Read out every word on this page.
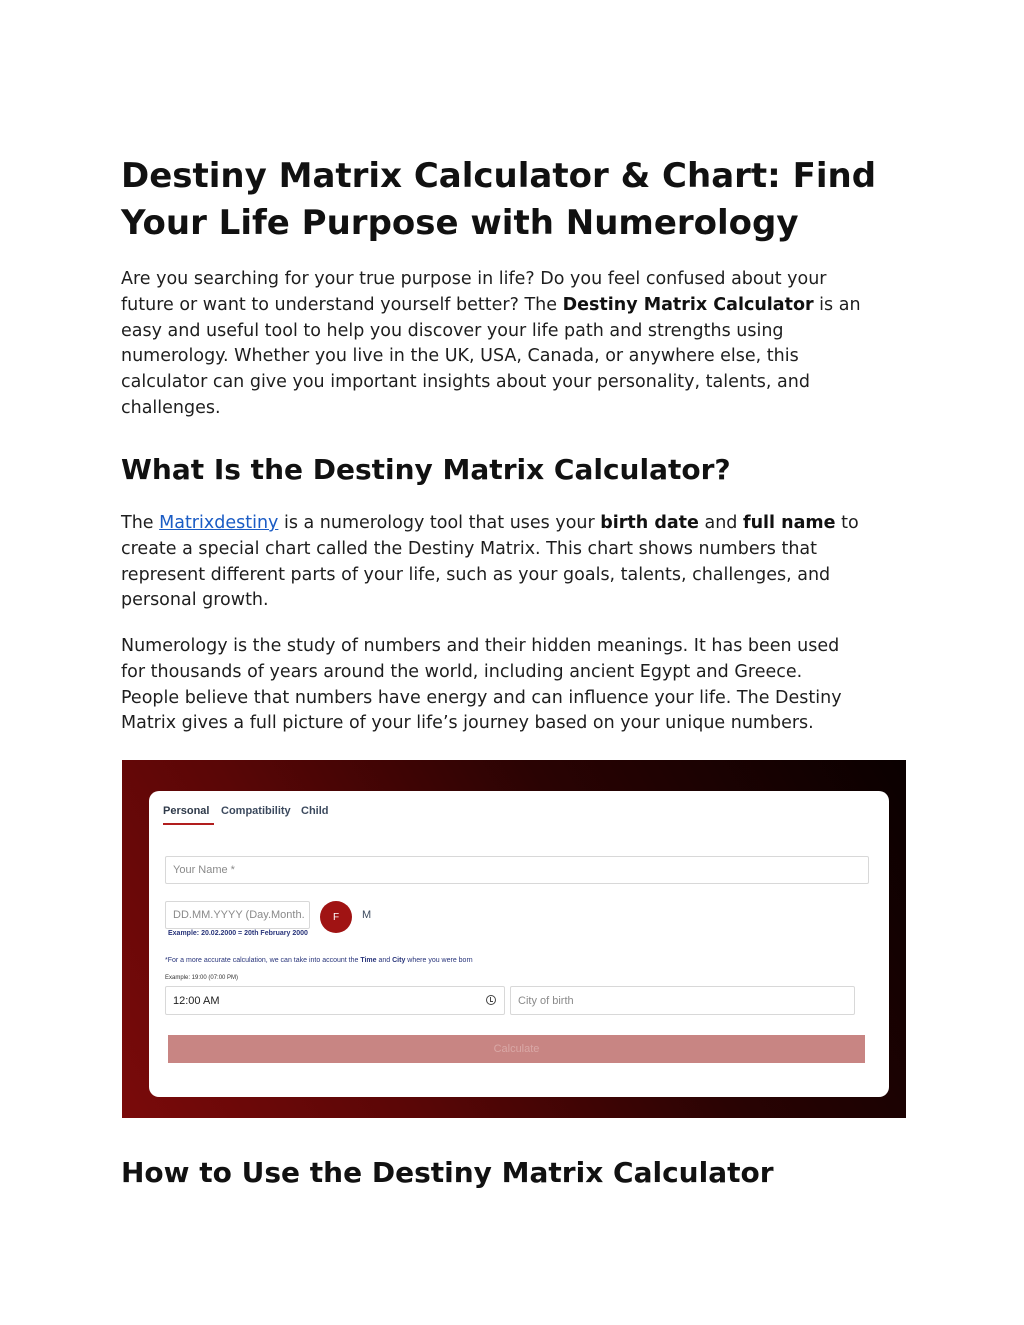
Destiny Matrix Calculator & Chart: Find
Your Life Purpose with Numerology

Are you searching for your true purpose in life? Do you feel confused about your
future or want to understand yourself better? The Destiny Matrix Calculator is an
easy and useful tool to help you discover your life path and strengths using
numerology. Whether you live in the UK, USA, Canada, or anywhere else, this
calculator can give you important insights about your personality, talents, and
challenges.

What Is the Destiny Matrix Calculator?

The Matrixdestiny is a numerology tool that uses your birth date and full name to
create a special chart called the Destiny Matrix. This chart shows numbers that
represent different parts of your life, such as your goals, talents, challenges, and
personal growth.

Numerology is the study of numbers and their hidden meanings. It has been used
for thousands of years around the world, including ancient Egypt and Greece.
People believe that numbers have energy and can influence your life. The Destiny
Matrix gives a full picture of your life’s journey based on your unique numbers.

How to Use the Destiny Matrix Calculator
Personal Compatibility Child
Your Name *
DD.MM.YYYY (Day.Month.
Example: 20.02.2000 = 20th February 2000
F	M
*For a more accurate calculation, we can take into account the Time and City where you were born
Example: 19:00 (07:00 PM)
12:00 AM	City of birth
Calculate
